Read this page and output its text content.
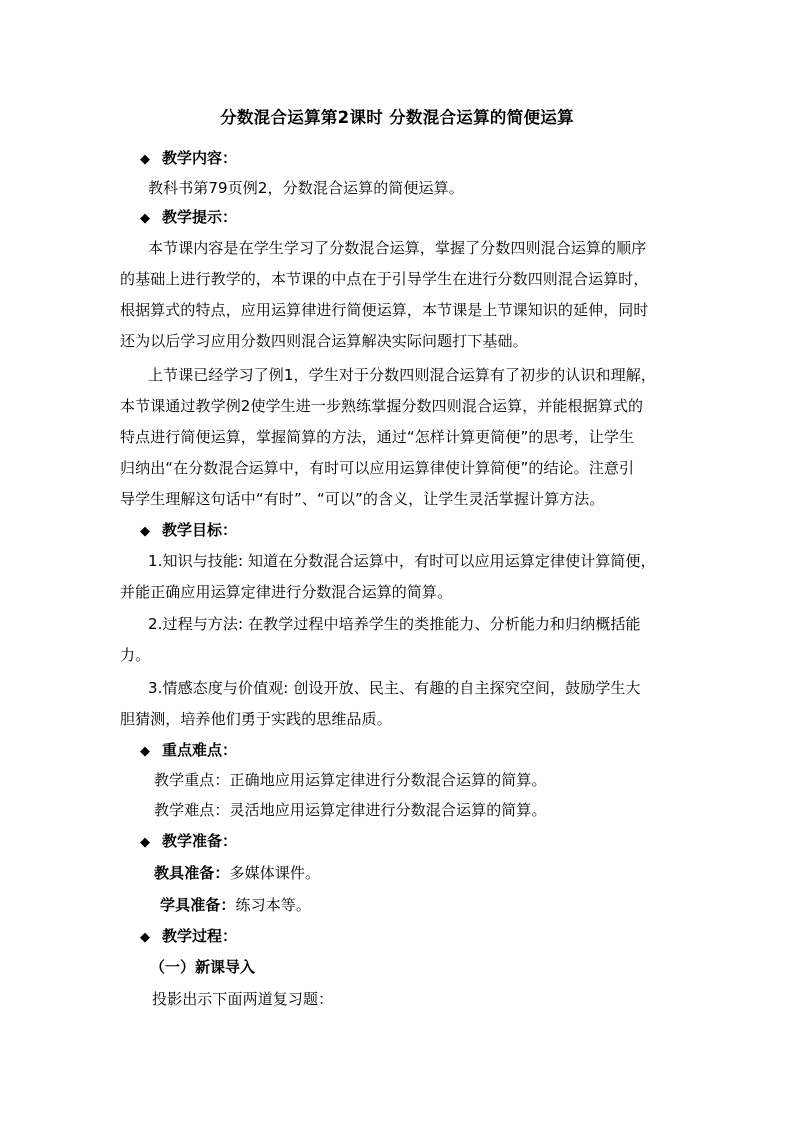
分数混合运算第2课时 分数混合运算的简便运算
◆ 教学内容：
教科书第79页例2，分数混合运算的简便运算。
◆ 教学提示：
本节课内容是在学生学习了分数混合运算，掌握了分数四则混合运算的顺序
的基础上进行教学的，本节课的中点在于引导学生在进行分数四则混合运算时，
根据算式的特点，应用运算律进行简便运算，本节课是上节课知识的延伸，同时
还为以后学习应用分数四则混合运算解决实际问题打下基础。
上节课已经学习了例1，学生对于分数四则混合运算有了初步的认识和理解，
本节课通过教学例2使学生进一步熟练掌握分数四则混合运算，并能根据算式的
特点进行简便运算，掌握简算的方法，通过“怎样计算更简便”的思考，让学生
归纳出“在分数混合运算中，有时可以应用运算律使计算简便”的结论。注意引
导学生理解这句话中“有时”、“可以”的含义，让学生灵活掌握计算方法。
◆ 教学目标：
1.知识与技能: 知道在分数混合运算中，有时可以应用运算定律使计算简便，
并能正确应用运算定律进行分数混合运算的简算。
2.过程与方法: 在教学过程中培养学生的类推能力、分析能力和归纳概括能
力。
3.情感态度与价值观: 创设开放、民主、有趣的自主探究空间，鼓励学生大
胆猜测，培养他们勇于实践的思维品质。
◆ 重点难点：
教学重点：正确地应用运算定律进行分数混合运算的简算。
教学难点：灵活地应用运算定律进行分数混合运算的简算。
◆ 教学准备：
教具准备：多媒体课件。
学具准备：练习本等。
◆ 教学过程：
（一）新课导入
投影出示下面两道复习题：
